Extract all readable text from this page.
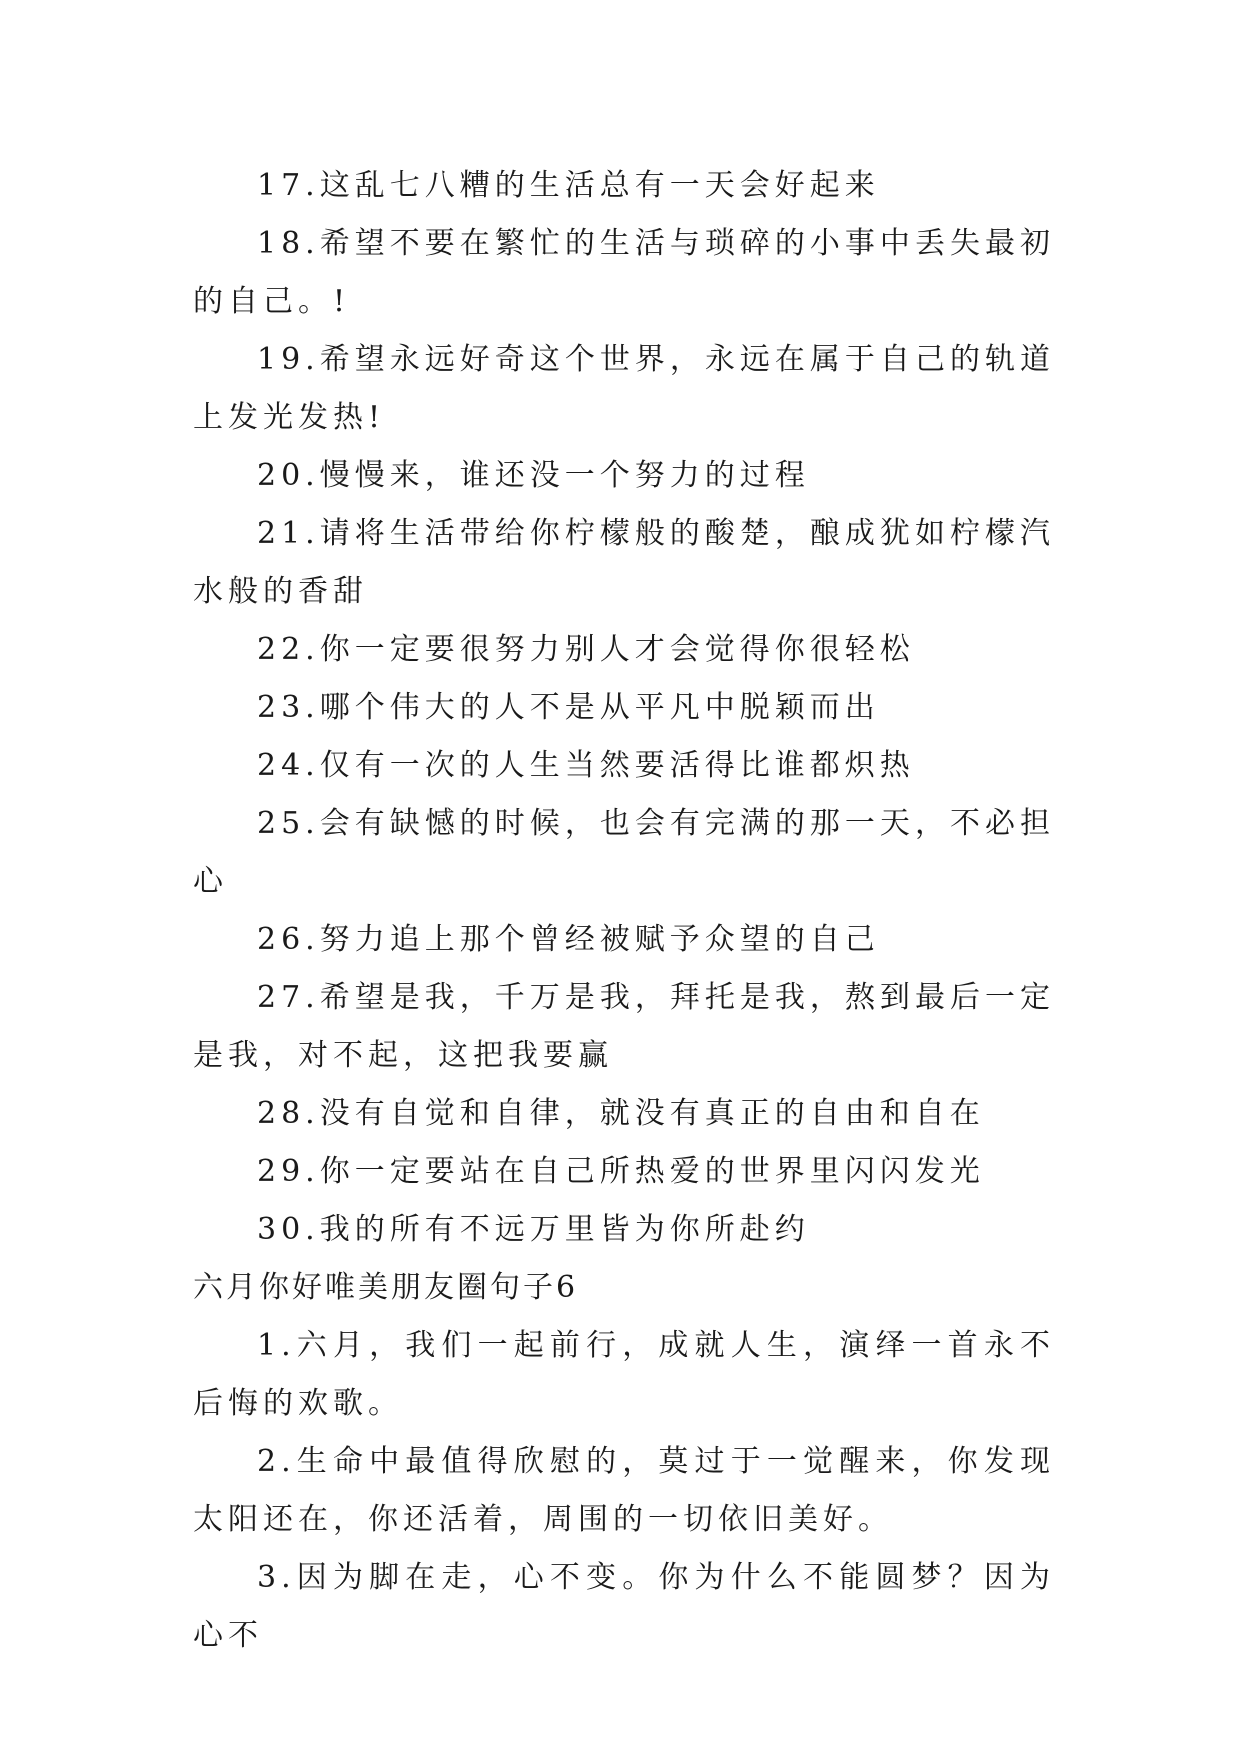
17.这乱七八糟的生活总有一天会好起来

18.希望不要在繁忙的生活与琐碎的小事中丢失最初的自己。!

19.希望永远好奇这个世界，永远在属于自己的轨道上发光发热!

20.慢慢来，谁还没一个努力的过程

21.请将生活带给你柠檬般的酸楚，酿成犹如柠檬汽水般的香甜

22.你一定要很努力别人才会觉得你很轻松

23.哪个伟大的人不是从平凡中脱颖而出

24.仅有一次的人生当然要活得比谁都炽热

25.会有缺憾的时候，也会有完满的那一天，不必担心

26.努力追上那个曾经被赋予众望的自己

27.希望是我，千万是我，拜托是我，熬到最后一定是我，对不起，这把我要赢

28.没有自觉和自律，就没有真正的自由和自在

29.你一定要站在自己所热爱的世界里闪闪发光

30.我的所有不远万里皆为你所赴约

六月你好唯美朋友圈句子6

1.六月，我们一起前行，成就人生，演绎一首永不后悔的欢歌。

2.生命中最值得欣慰的，莫过于一觉醒来，你发现太阳还在，你还活着，周围的一切依旧美好。

3.因为脚在走，心不变。你为什么不能圆梦？因为心不
